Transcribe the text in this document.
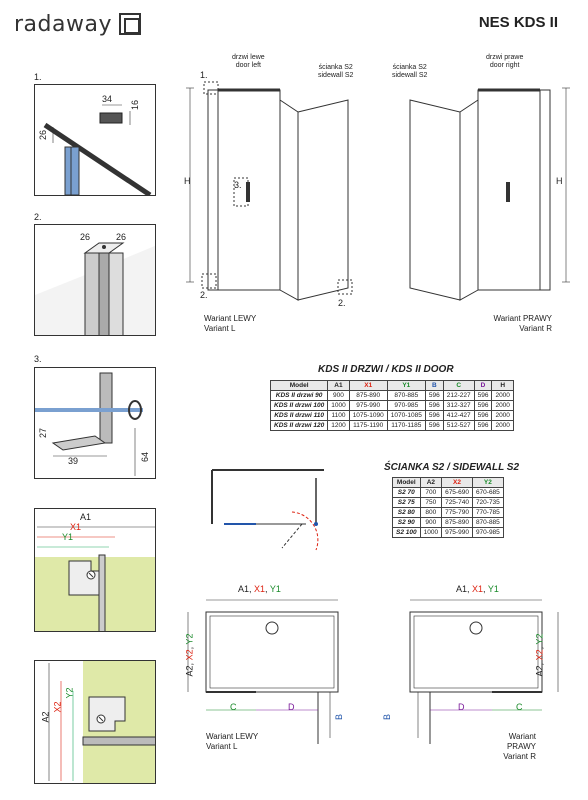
radaway	NES KDS II
1.
34
16
26
2.
26	26
3.
27
39	64
A1
X1
Y1
A2
X2
Y2
H
1.
3.
2.
2.
drzwi lewe
door left	ścianka S2
sidewall S2
Wariant LEWY
Variant L
H
ścianka S2
sidewall S2
drzwi prawe
door right
Wariant PRAWY
Variant R
KDS II DRZWI / KDS II DOOR
Model	A1	X1	Y1	B	C	D	H
KDS II drzwi 90	900	875-890	870-885	596	212-227	596	2000
KDS II drzwi 100	1000	975-990	970-985	596	312-327	596	2000
KDS II drzwi 110	1100	1075-1090	1070-1085	596	412-427	596	2000
KDS II drzwi 120	1200	1175-1190	1170-1185	596	512-527	596	2000
ŚCIANKA S2 / SIDEWALL S2
Model	A2	X2	Y2
S2 70	700	675-690	670-685
S2 75	750	725-740	720-735
S2 80	800	775-790	770-785
S2 90	900	875-890	870-885
S2 100	1000	975-990	970-985
A1, X1, Y1
A2, X2, Y2
C	D
B
Wariant LEWY
Variant L
A1, X1, Y1
A2, X2, Y2
D	C
B
Wariant PRAWY
Variant R
